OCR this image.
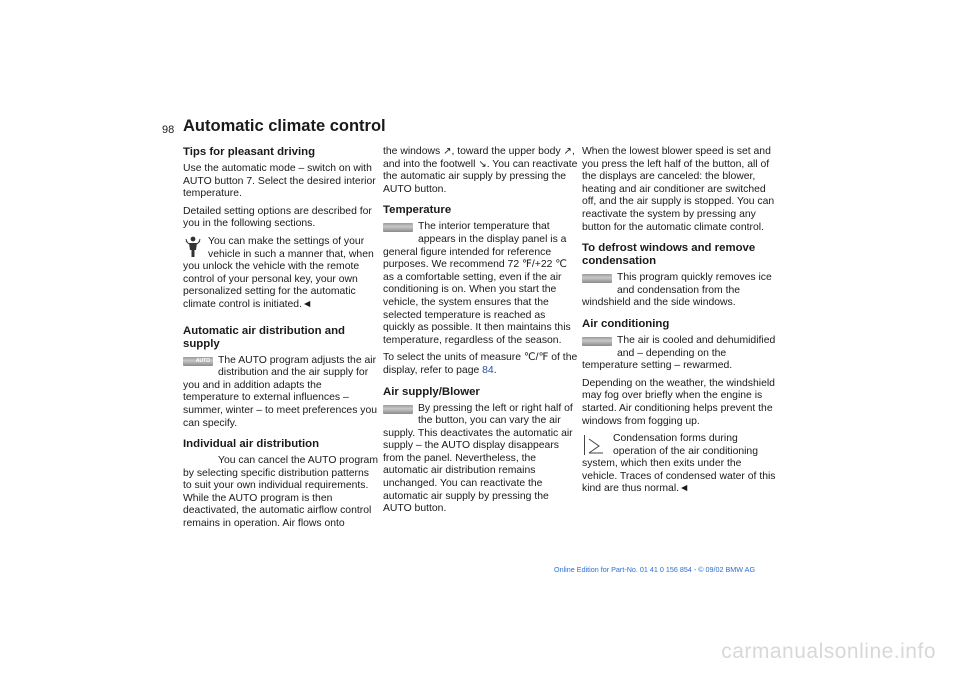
98 Automatic climate control
Tips for pleasant driving

Use the automatic mode – switch on with AUTO button 7. Select the desired interior temperature.

Detailed setting options are described for you in the following sections.

You can make the settings of your vehicle in such a manner that, when you unlock the vehicle with the remote control of your personal key, your own personalized setting for the automatic climate control is initiated.◄

Automatic air distribution and supply
AUTO The AUTO program adjusts the air distribution and the air supply for you and in addition adapts the temperature to external influences – summer, winter – to meet preferences you can specify.

Individual air distribution

You can cancel the AUTO program by selecting specific distribution patterns to suit your own individual requirements. While the AUTO program is then deactivated, the automatic airflow control remains in operation. Air flows onto

the windows ↗, toward the upper body ↗, and into the footwell ↘. You can reactivate the automatic air supply by pressing the AUTO button.

Temperature

The interior temperature that appears in the display panel is a general figure intended for reference purposes. We recommend 72 ℉/+22 ℃ as a comfortable setting, even if the air conditioning is on. When you start the vehicle, the system ensures that the selected temperature is reached as quickly as possible. It then maintains this temperature, regardless of the season.

To select the units of measure ℃/℉ of the display, refer to page 84.

Air supply/Blower

By pressing the left or right half of the button, you can vary the air supply. This deactivates the automatic air supply – the AUTO display disappears from the panel. Nevertheless, the automatic air distribution remains unchanged. You can reactivate the automatic air supply by pressing the AUTO button.

When the lowest blower speed is set and you press the left half of the button, all of the displays are canceled: the blower, heating and air conditioner are switched off, and the air supply is stopped. You can reactivate the system by pressing any button for the automatic climate control.

To defrost windows and remove condensation

This program quickly removes ice and condensation from the windshield and the side windows.

Air conditioning

The air is cooled and dehumidified and – depending on the temperature setting – rewarmed.

Depending on the weather, the windshield may fog over briefly when the engine is started. Air conditioning helps prevent the windows from fogging up.

Condensation forms during operation of the air conditioning system, which then exits under the vehicle. Traces of condensed water of this kind are thus normal.◄

Online Edition for Part-No. 01 41 0 156 854 - © 09/02 BMW AG
carmanualsonline.info
